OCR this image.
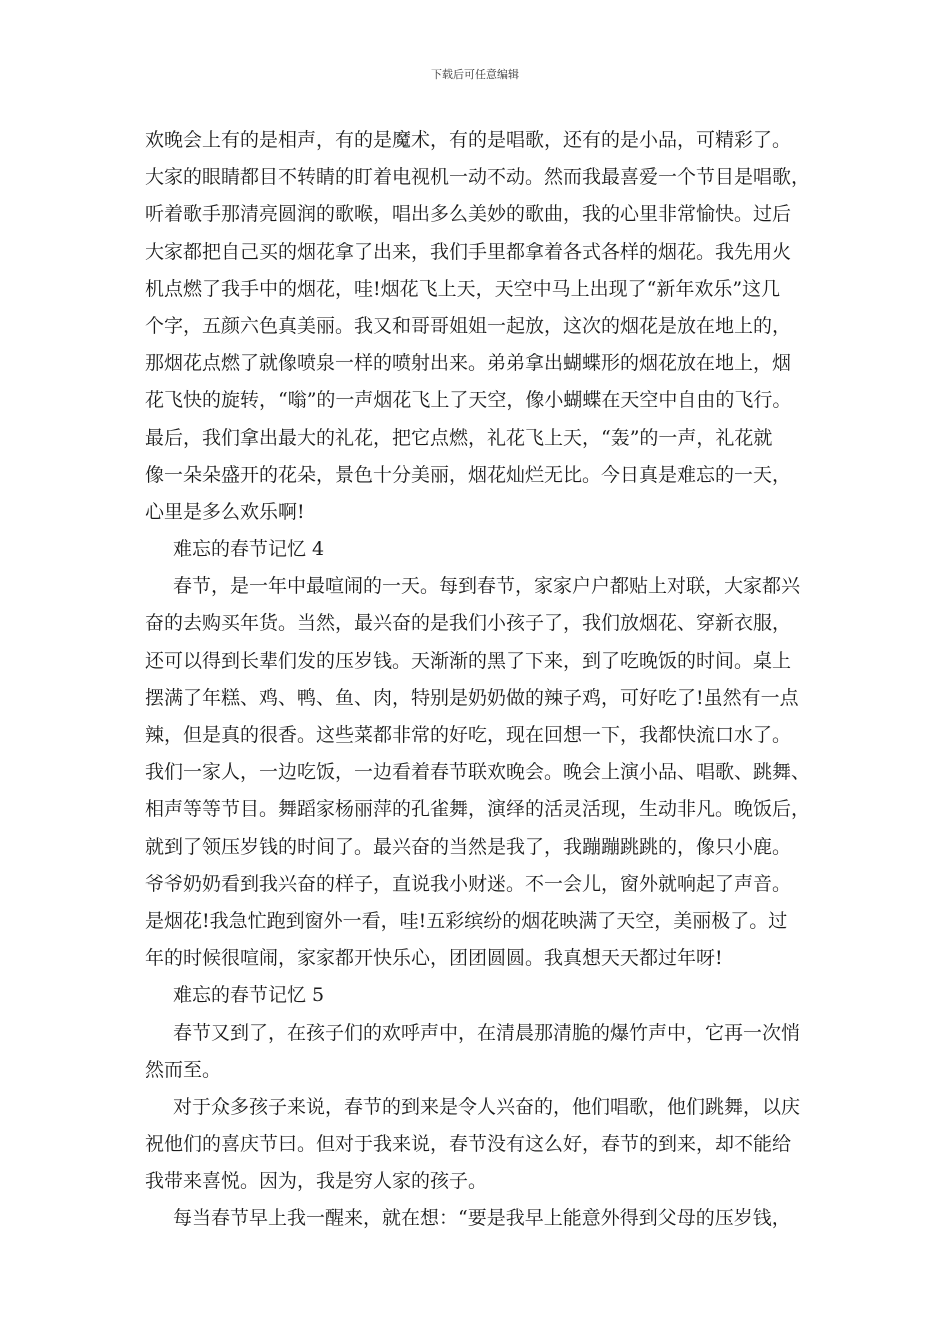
下载后可任意编辑
欢晚会上有的是相声，有的是魔术，有的是唱歌，还有的是小品，可精彩了。
大家的眼睛都目不转睛的盯着电视机一动不动。然而我最喜爱一个节目是唱歌，
听着歌手那清亮圆润的歌喉，唱出多么美妙的歌曲，我的心里非常愉快。过后
大家都把自己买的烟花拿了出来，我们手里都拿着各式各样的烟花。我先用火
机点燃了我手中的烟花，哇!烟花飞上天，天空中马上出现了“新年欢乐”这几
个字，五颜六色真美丽。我又和哥哥姐姐一起放，这次的烟花是放在地上的，
那烟花点燃了就像喷泉一样的喷射出来。弟弟拿出蝴蝶形的烟花放在地上，烟
花飞快的旋转，“嗡”的一声烟花飞上了天空，像小蝴蝶在天空中自由的飞行。
最后，我们拿出最大的礼花，把它点燃，礼花飞上天，“轰”的一声，礼花就
像一朵朵盛开的花朵，景色十分美丽，烟花灿烂无比。今日真是难忘的一天，
心里是多么欢乐啊!
难忘的春节记忆 4
春节，是一年中最喧闹的一天。每到春节，家家户户都贴上对联，大家都兴
奋的去购买年货。当然，最兴奋的是我们小孩子了，我们放烟花、穿新衣服，
还可以得到长辈们发的压岁钱。天渐渐的黑了下来，到了吃晚饭的时间。桌上
摆满了年糕、鸡、鸭、鱼、肉，特别是奶奶做的辣子鸡，可好吃了!虽然有一点
辣，但是真的很香。这些菜都非常的好吃，现在回想一下，我都快流口水了。
我们一家人，一边吃饭，一边看着春节联欢晚会。晚会上演小品、唱歌、跳舞、
相声等等节目。舞蹈家杨丽萍的孔雀舞，演绎的活灵活现，生动非凡。晚饭后，
就到了领压岁钱的时间了。最兴奋的当然是我了，我蹦蹦跳跳的，像只小鹿。
爷爷奶奶看到我兴奋的样子，直说我小财迷。不一会儿，窗外就响起了声音。
是烟花!我急忙跑到窗外一看，哇!五彩缤纷的烟花映满了天空，美丽极了。过
年的时候很喧闹，家家都开快乐心，团团圆圆。我真想天天都过年呀!
难忘的春节记忆 5
春节又到了，在孩子们的欢呼声中，在清晨那清脆的爆竹声中，它再一次悄
然而至。
对于众多孩子来说，春节的到来是令人兴奋的，他们唱歌，他们跳舞，以庆
祝他们的喜庆节曰。但对于我来说，春节没有这么好，春节的到来，却不能给
我带来喜悦。因为，我是穷人家的孩子。
每当春节早上我一醒来，就在想：“要是我早上能意外得到父母的压岁钱，
